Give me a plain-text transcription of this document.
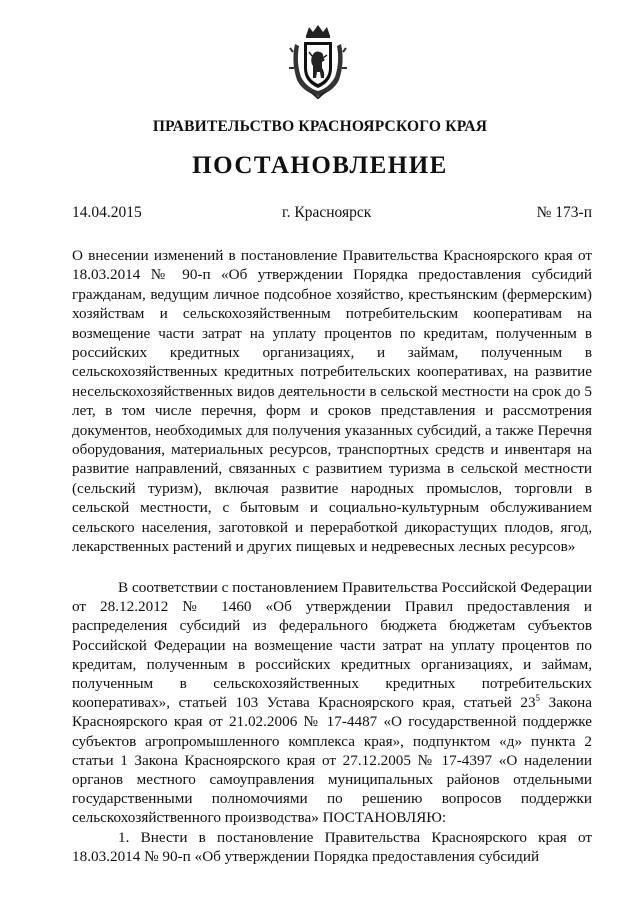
ПРАВИТЕЛЬСТВО КРАСНОЯРСКОГО КРАЯ
ПОСТАНОВЛЕНИЕ
14.04.2015	г. Красноярск	№ 173-п
О внесении изменений в постановление Правительства Красноярского края от 18.03.2014 № 90-п «Об утверждении Порядка предоставления субсидий гражданам, ведущим личное подсобное хозяйство, крестьянским (фермерским) хозяйствам и сельскохозяйственным потребительским кооперативам на возмещение части затрат на уплату процентов по кредитам, полученным в российских кредитных организациях, и займам, полученным в сельскохозяйственных кредитных потребительских кооперативах, на развитие несельскохозяйственных видов деятельности в сельской местности на срок до 5 лет, в том числе перечня, форм и сроков представления и рассмотрения документов, необходимых для получения указанных субсидий, а также Перечня оборудования, материальных ресурсов, транспортных средств и инвентаря на развитие направлений, связанных с развитием туризма в сельской местности (сельский туризм), включая развитие народных промыслов, торговли в сельской местности, с бытовым и социально-культурным обслуживанием сельского населения, заготовкой и переработкой дикорастущих плодов, ягод, лекарственных растений и других пищевых и недревесных лесных ресурсов»

В соответствии с постановлением Правительства Российской Федерации от 28.12.2012 № 1460 «Об утверждении Правил предоставления и распределения субсидий из федерального бюджета бюджетам субъектов Российской Федерации на возмещение части затрат на уплату процентов по кредитам, полученным в российских кредитных организациях, и займам, полученным в сельскохозяйственных кредитных потребительских кооперативах», статьей 103 Устава Красноярского края, статьей $23^5$ Закона Красноярского края от 21.02.2006 № 17-4487 «О государственной поддержке субъектов агропромышленного комплекса края», подпунктом «д» пункта 2 статьи 1 Закона Красноярского края от 27.12.2005 № 17-4397 «О наделении органов местного самоуправления муниципальных районов отдельными государственными полномочиями по решению вопросов поддержки сельскохозяйственного производства» ПОСТАНОВЛЯЮ:

1. Внести в постановление Правительства Красноярского края от 18.03.2014 № 90-п «Об утверждении Порядка предоставления субсидий
